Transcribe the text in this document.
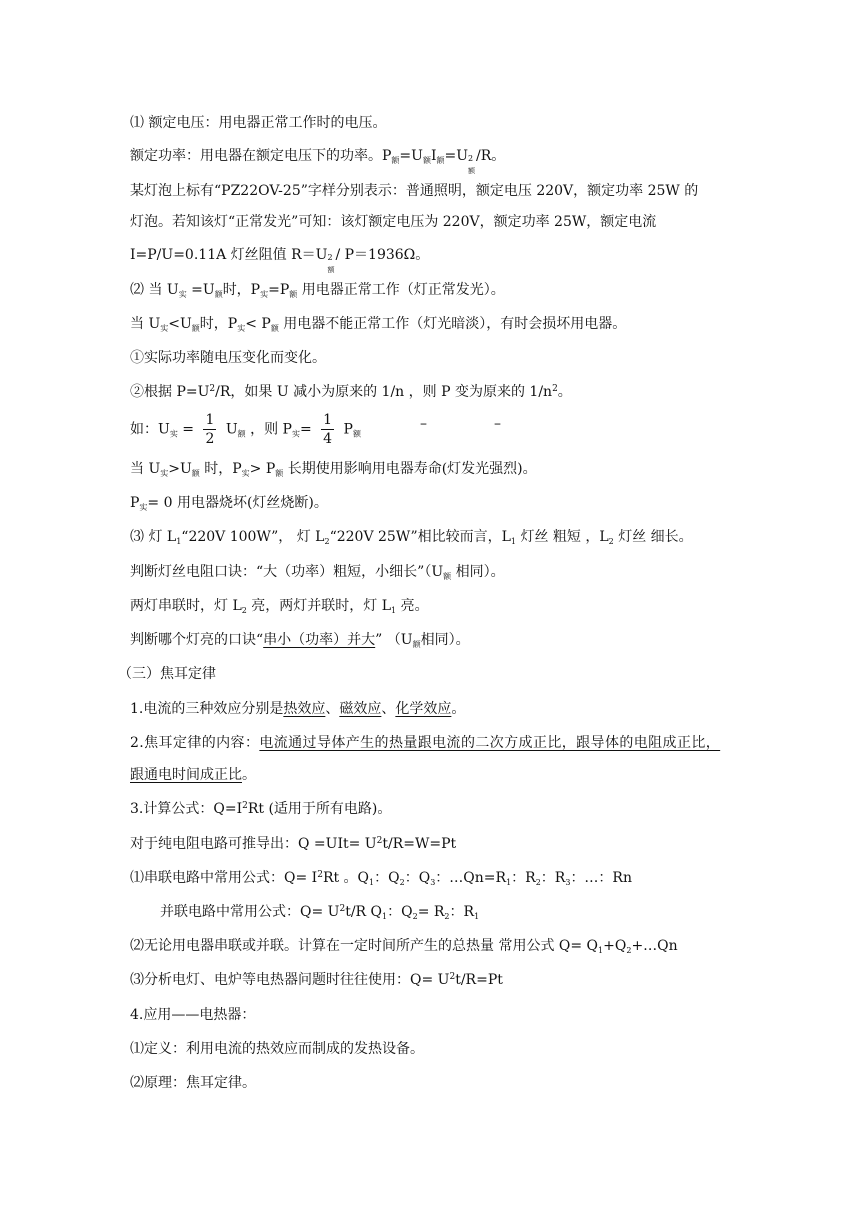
⑴ 额定电压：用电器正常工作时的电压。
额定功率：用电器在额定电压下的功率。$P_额=U_额I_额=U$ 2
额
/R。
某灯泡上标有“PZ22OV-25”字样分别表示：普通照明，额定电压 220V，额定功率 25W 的
灯泡。若知该灯“正常发光”可知：该灯额定电压为 220V，额定功率 25W，额定电流
I=P/U=0.11A 灯丝阻值 R＝U 2
额
/ P＝1936Ω。
⑵ 当 $U_实 =U_额$时，$P_实=P_额$ 用电器正常工作（灯正常发光）。
当 $U_实<U_额$时，$P_实< P_额$ 用电器不能正常工作（灯光暗淡），有时会损坏用电器。
①实际功率随电压变化而变化。
②根据 $P=U^2/R$，如果 U 减小为原来的 1/n ，则 P 变为原来的 $1/n^2$。
如：$U_实 = \frac{1}{2} U_额$ ，则 $P_实= \frac{1}{4} P_额$
–	–
当 $U_实>U_额$ 时，$P_实> P_额$ 长期使用影响用电器寿命(灯发光强烈)。
$P_实= 0$ 用电器烧坏(灯丝烧断)。
⑶ 灯 $L_1“220V$ 100W”， 灯 $L_2“220V$ 25W”相比较而言，$L_1$ 灯丝 粗短 ，$L_2$ 灯丝 细长。
判断灯丝电阻口诀：“大（功率）粗短，小细长$”(U_额$ 相同）。
两灯串联时，灯 $L_2$ 亮，两灯并联时，灯 $L_1$ 亮。
判断哪个灯亮的口诀“串小（功率）并大” （$U_额$相同）。
（三）焦耳定律
1.电流的三种效应分别是热效应、磁效应、化学效应。
2.焦耳定律的内容：电流通过导体产生的热量跟电流的二次方成正比，跟导体的电阻成正比，
跟通电时间成正比。
3.计算公式：$Q=I^2Rt$ (适用于所有电路)。
对于纯电阻电路可推导出：$Q =UIt= U^2t/R=W=Pt$
⑴串联电路中常用公式：$Q= I^2Rt$ 。$Q_1$：$Q_2$：$Q_3$：$\dots Qn=R_1$：$R_2$：$R_3$：…：Rn
并联电路中常用公式：$Q= U^2t/R$ $Q_1$：$Q_2= R_2$：$R_1$
⑵无论用电器串联或并联。计算在一定时间所产生的总热量 常用公式 $Q= Q_1+Q_2+\dots Qn$
⑶分析电灯、电炉等电热器问题时往往使用：$Q= U^2t/R=Pt$
4.应用——电热器：
⑴定义：利用电流的热效应而制成的发热设备。
⑵原理：焦耳定律。
